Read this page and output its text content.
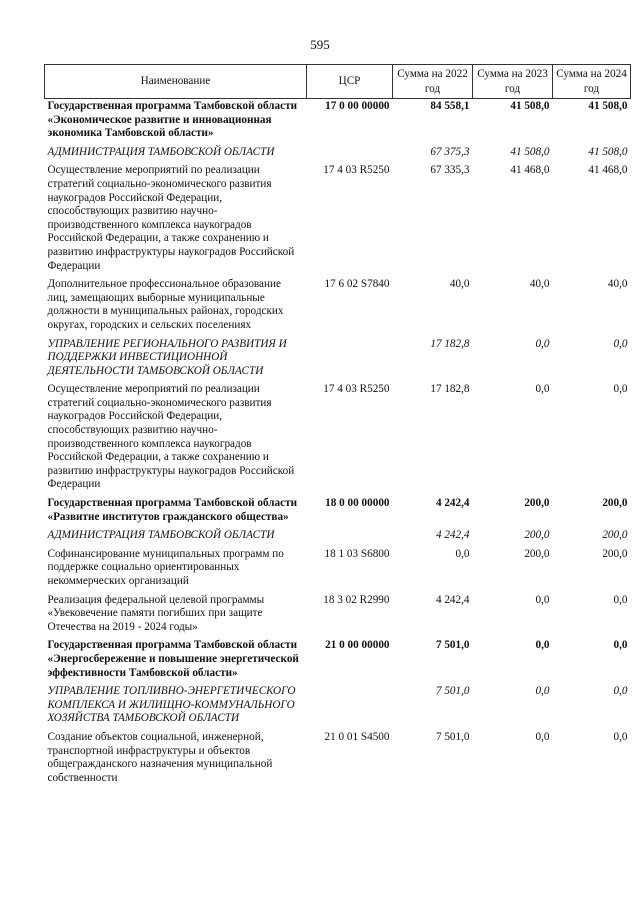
595
Наименование	ЦСР	Сумма на 2022 год	Сумма на 2023 год	Сумма на 2024 год
Государственная программа Тамбовской области «Экономическое развитие и инновационная экономика Тамбовской области»	17 0 00 00000	84 558,1	41 508,0	41 508,0
АДМИНИСТРАЦИЯ ТАМБОВСКОЙ ОБЛАСТИ		67 375,3	41 508,0	41 508,0
Осуществление мероприятий по реализации стратегий социально-экономического развития наукоградов Российской Федерации, способствующих развитию научно-производственного комплекса наукоградов Российской Федерации, а также сохранению и развитию инфраструктуры наукоградов Российской Федерации	17 4 03 R5250	67 335,3	41 468,0	41 468,0
Дополнительное профессиональное образование лиц, замещающих выборные муниципальные должности в муниципальных районах, городских округах, городских и сельских поселениях	17 6 02 S7840	40,0	40,0	40,0
УПРАВЛЕНИЕ РЕГИОНАЛЬНОГО РАЗВИТИЯ И ПОДДЕРЖКИ ИНВЕСТИЦИОННОЙ ДЕЯТЕЛЬНОСТИ ТАМБОВСКОЙ ОБЛАСТИ		17 182,8	0,0	0,0
Осуществление мероприятий по реализации стратегий социально-экономического развития наукоградов Российской Федерации, способствующих развитию научно-производственного комплекса наукоградов Российской Федерации, а также сохранению и развитию инфраструктуры наукоградов Российской Федерации	17 4 03 R5250	17 182,8	0,0	0,0
Государственная программа Тамбовской области «Развитие институтов гражданского общества»	18 0 00 00000	4 242,4	200,0	200,0
АДМИНИСТРАЦИЯ ТАМБОВСКОЙ ОБЛАСТИ		4 242,4	200,0	200,0
Софинансирование муниципальных программ по поддержке социально ориентированных некоммерческих организаций	18 1 03 S6800	0,0	200,0	200,0
Реализация федеральной целевой программы «Увековечение памяти погибших при защите Отечества на 2019 - 2024 годы»	18 3 02 R2990	4 242,4	0,0	0,0
Государственная программа Тамбовской области «Энергосбережение и повышение энергетической эффективности Тамбовской области»	21 0 00 00000	7 501,0	0,0	0,0
УПРАВЛЕНИЕ ТОПЛИВНО-ЭНЕРГЕТИЧЕСКОГО КОМПЛЕКСА И ЖИЛИЩНО-КОММУНАЛЬНОГО ХОЗЯЙСТВА ТАМБОВСКОЙ ОБЛАСТИ		7 501,0	0,0	0,0
Создание объектов социальной, инженерной, транспортной инфраструктуры и объектов общегражданского назначения муниципальной собственности	21 0 01 S4500	7 501,0	0,0	0,0
